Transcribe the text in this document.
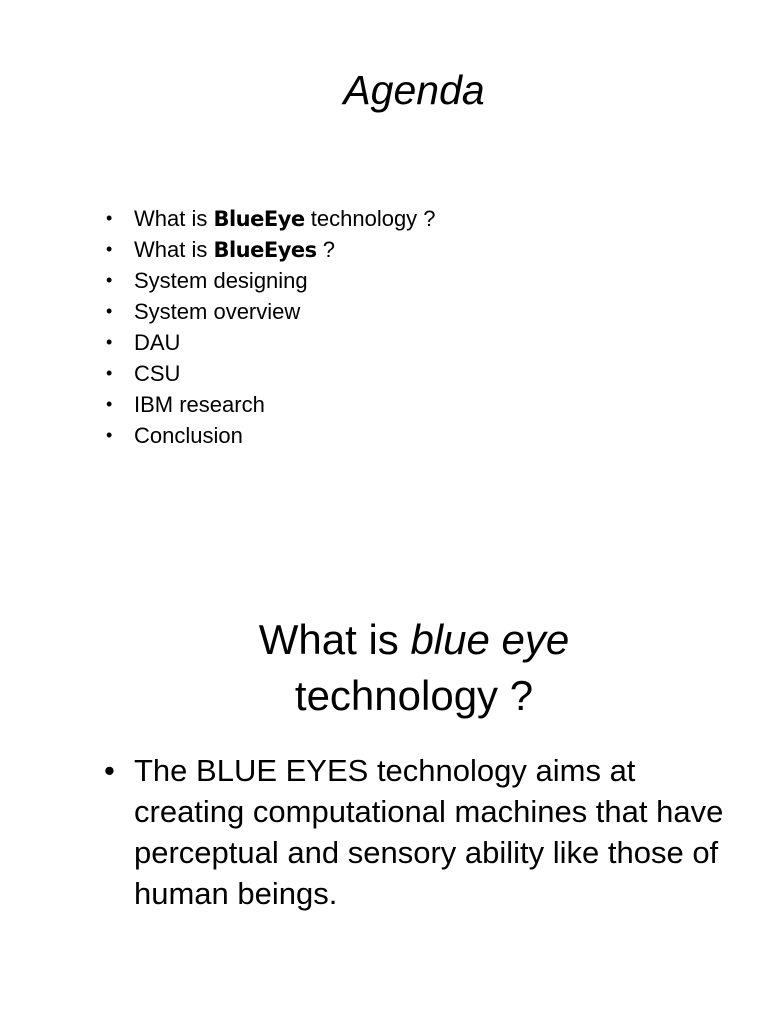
Agenda
• What is BlueEye technology ?
• What is BlueEyes ?
• System designing
• System overview
• DAU
• CSU
• IBM research
• Conclusion
What is blue eye
technology ?

• The BLUE EYES technology aims at creating computational machines that have perceptual and sensory ability like those of human beings.
